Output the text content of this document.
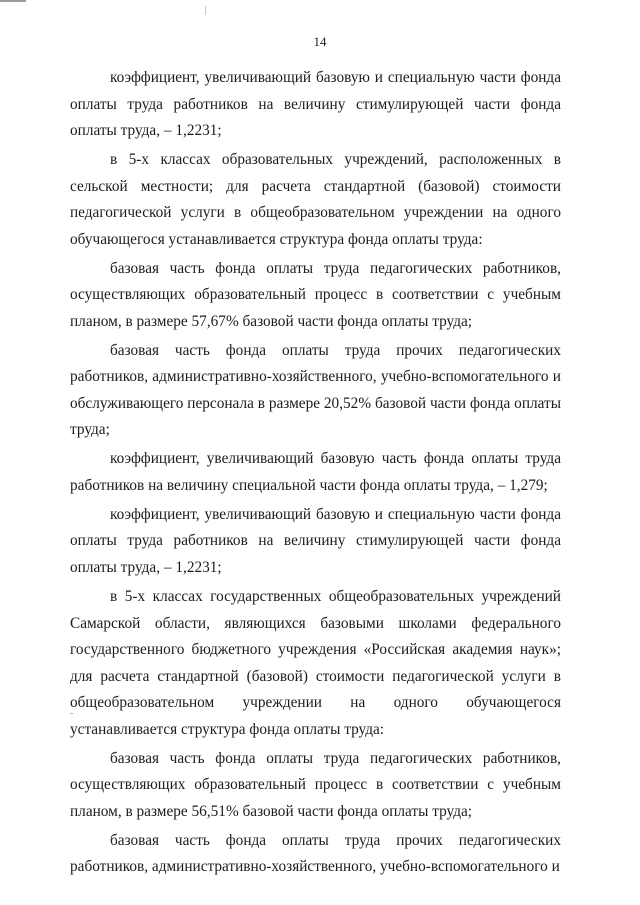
14

коэффициент, увеличивающий базовую и специальную части фонда оплаты труда работников на величину стимулирующей части фонда оплаты труда, – 1,2231;

в 5-х классах образовательных учреждений, расположенных в сельской местности; для расчета стандартной (базовой) стоимости педагогической услуги в общеобразовательном учреждении на одного обучающегося устанавливается структура фонда оплаты труда:

базовая часть фонда оплаты труда педагогических работников, осуществляющих образовательный процесс в соответствии с учебным планом, в размере 57,67% базовой части фонда оплаты труда;

базовая часть фонда оплаты труда прочих педагогических работников, административно-хозяйственного, учебно-вспомогательного и обслуживающего персонала в размере 20,52% базовой части фонда оплаты труда;

коэффициент, увеличивающий базовую часть фонда оплаты труда работников на величину специальной части фонда оплаты труда, – 1,279;

коэффициент, увеличивающий базовую и специальную части фонда оплаты труда работников на величину стимулирующей части фонда оплаты труда, – 1,2231;

в 5-х классах государственных общеобразовательных учреждений Самарской области, являющихся базовыми школами федерального государственного бюджетного учреждения «Российская академия наук»; для расчета стандартной (базовой) стоимости педагогической услуги в общеобразовательном учреждении на одного обучающегося устанавливается структура фонда оплаты труда:

базовая часть фонда оплаты труда педагогических работников, осуществляющих образовательный процесс в соответствии с учебным планом, в размере 56,51% базовой части фонда оплаты труда;

базовая часть фонда оплаты труда прочих педагогических работников, административно-хозяйственного, учебно-вспомогательного и
